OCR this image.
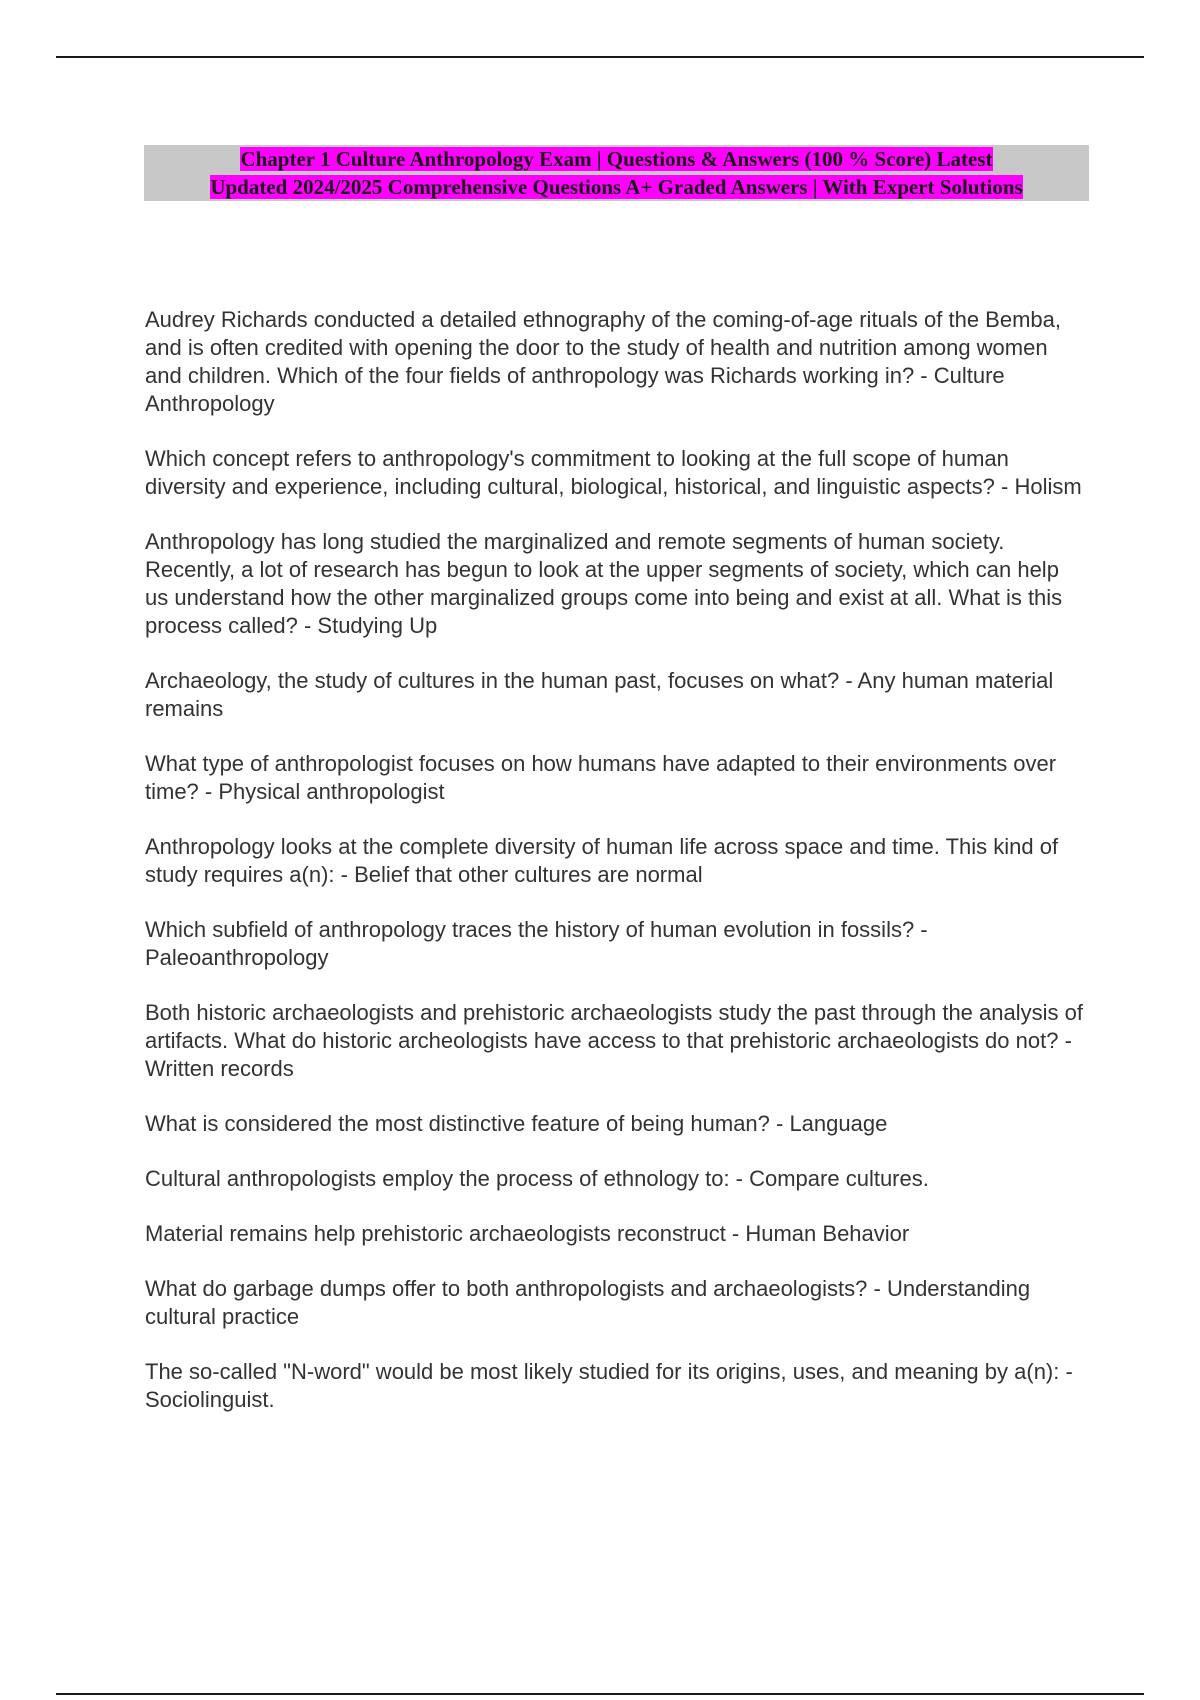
Chapter 1 Culture Anthropology Exam | Questions & Answers (100 % Score) Latest
Updated 2024/2025 Comprehensive Questions A+ Graded Answers | With Expert Solutions
Audrey Richards conducted a detailed ethnography of the coming-of-age rituals of the Bemba, and is often credited with opening the door to the study of health and nutrition among women and children. Which of the four fields of anthropology was Richards working in? - Culture Anthropology
Which concept refers to anthropology's commitment to looking at the full scope of human diversity and experience, including cultural, biological, historical, and linguistic aspects? - Holism
Anthropology has long studied the marginalized and remote segments of human society. Recently, a lot of research has begun to look at the upper segments of society, which can help us understand how the other marginalized groups come into being and exist at all. What is this process called? - Studying Up
Archaeology, the study of cultures in the human past, focuses on what? - Any human material remains
What type of anthropologist focuses on how humans have adapted to their environments over time? - Physical anthropologist
Anthropology looks at the complete diversity of human life across space and time. This kind of study requires a(n): - Belief that other cultures are normal
Which subfield of anthropology traces the history of human evolution in fossils? - Paleoanthropology
Both historic archaeologists and prehistoric archaeologists study the past through the analysis of artifacts. What do historic archeologists have access to that prehistoric archaeologists do not? - Written records
What is considered the most distinctive feature of being human? - Language
Cultural anthropologists employ the process of ethnology to: - Compare cultures.
Material remains help prehistoric archaeologists reconstruct - Human Behavior
What do garbage dumps offer to both anthropologists and archaeologists? - Understanding cultural practice
The so-called "N-word" would be most likely studied for its origins, uses, and meaning by a(n): - Sociolinguist.
